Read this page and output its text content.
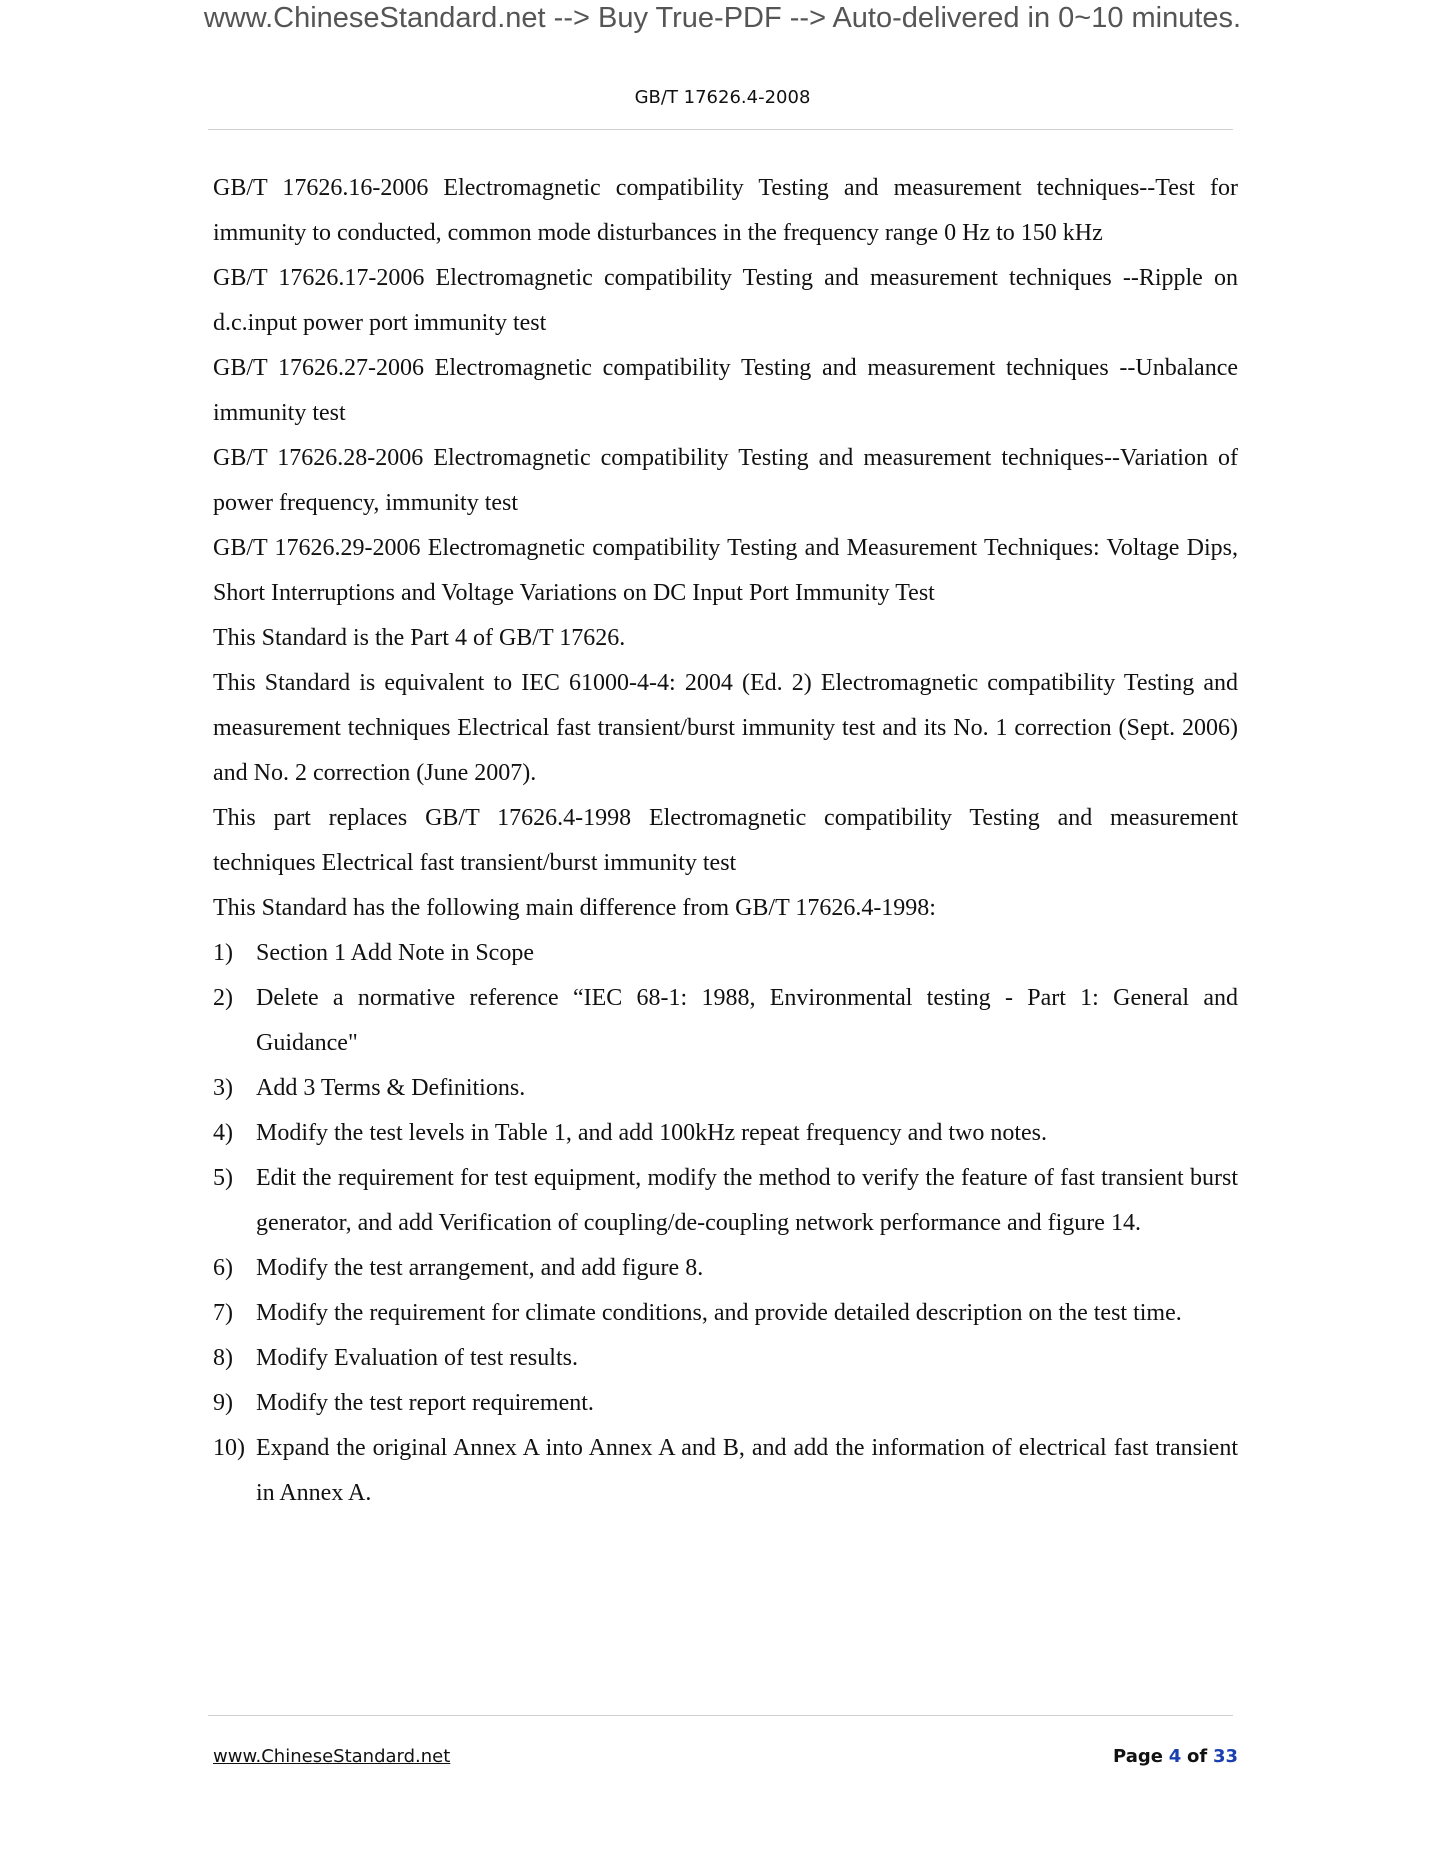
www.ChineseStandard.net --> Buy True-PDF --> Auto-delivered in 0~10 minutes.
GB/T 17626.4-2008

GB/T 17626.16-2006 Electromagnetic compatibility Testing and measurement techniques--Test for immunity to conducted, common mode disturbances in the frequency range 0 Hz to 150 kHz

GB/T 17626.17-2006 Electromagnetic compatibility Testing and measurement techniques --Ripple on d.c.input power port immunity test

GB/T 17626.27-2006 Electromagnetic compatibility Testing and measurement techniques --Unbalance immunity test

GB/T 17626.28-2006 Electromagnetic compatibility Testing and measurement techniques--Variation of power frequency, immunity test

GB/T 17626.29-2006 Electromagnetic compatibility Testing and Measurement Techniques: Voltage Dips, Short Interruptions and Voltage Variations on DC Input Port Immunity Test

This Standard is the Part 4 of GB/T 17626.

This Standard is equivalent to IEC 61000-4-4: 2004 (Ed. 2) Electromagnetic compatibility Testing and measurement techniques Electrical fast transient/burst immunity test and its No. 1 correction (Sept. 2006) and No. 2 correction (June 2007).

This part replaces GB/T 17626.4-1998 Electromagnetic compatibility Testing and measurement techniques Electrical fast transient/burst immunity test

This Standard has the following main difference from GB/T 17626.4-1998:

1) Section 1 Add Note in Scope
2) Delete a normative reference “IEC 68-1: 1988, Environmental testing - Part 1: General and Guidance"
3) Add 3 Terms & Definitions.
4) Modify the test levels in Table 1, and add 100kHz repeat frequency and two notes.
5) Edit the requirement for test equipment, modify the method to verify the feature of fast transient burst generator, and add Verification of coupling/de-coupling network performance and figure 14.
6) Modify the test arrangement, and add figure 8.
7) Modify the requirement for climate conditions, and provide detailed description on the test time.
8) Modify Evaluation of test results.
9) Modify the test report requirement.
10) Expand the original Annex A into Annex A and B, and add the information of electrical fast transient in Annex A.
www.ChineseStandard.net	Page 4 of 33
